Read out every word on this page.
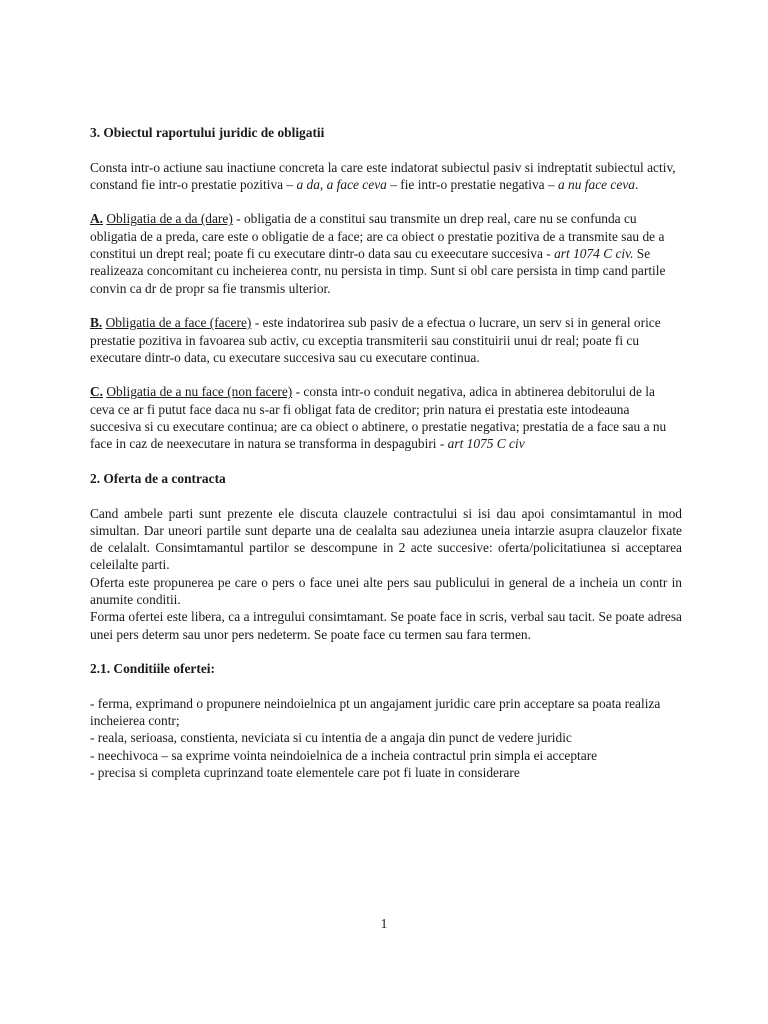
3. Obiectul raportului juridic de obligatii

Consta intr-o actiune sau inactiune concreta la care este indatorat subiectul pasiv si indreptatit subiectul activ, constand fie intr-o prestatie pozitiva – a da, a face ceva – fie intr-o prestatie negativa – a nu face ceva.

A. Obligatia de a da (dare) - obligatia de a constitui sau transmite un drep real, care nu se confunda cu obligatia de a preda, care este o obligatie de a face; are ca obiect o prestatie pozitiva de a transmite sau de a constitui un drept real; poate fi cu executare dintr-o data sau cu exeecutare succesiva - art 1074 C civ. Se realizeaza concomitant cu incheierea contr, nu persista in timp. Sunt si obl care persista in timp cand partile convin ca dr de propr sa fie transmis ulterior.

B. Obligatia de a face (facere) - este indatorirea sub pasiv de a efectua o lucrare, un serv si in general orice prestatie pozitiva in favoarea sub activ, cu exceptia transmiterii sau constituirii unui dr real; poate fi cu executare dintr-o data, cu executare succesiva sau cu executare continua.

C. Obligatia de a nu face (non facere) - consta intr-o conduit negativa, adica in abtinerea debitorului de la ceva ce ar fi putut face daca nu s-ar fi obligat fata de creditor; prin natura ei prestatia este intodeauna succesiva si cu executare continua; are ca obiect o abtinere, o prestatie negativa; prestatia de a face sau a nu face in caz de neexecutare in natura se transforma in despagubiri - art 1075 C civ

2. Oferta de a contracta

Cand ambele parti sunt prezente ele discuta clauzele contractului si isi dau apoi consimtamantul in mod simultan. Dar uneori partile sunt departe una de cealalta sau adeziunea uneia intarzie asupra clauzelor fixate de celalalt. Consimtamantul partilor se descompune in 2 acte succesive: oferta/policitatiunea si acceptarea celeilalte parti.

Oferta este propunerea pe care o pers o face unei alte pers sau publicului in general de a incheia un contr in anumite conditii.

Forma ofertei este libera, ca a intregului consimtamant. Se poate face in scris, verbal sau tacit. Se poate adresa unei pers determ sau unor pers nedeterm. Se poate face cu termen sau fara termen.

2.1. Conditiile ofertei:

- ferma, exprimand o propunere neindoielnica pt un angajament juridic care prin acceptare sa poata realiza incheierea contr;

- reala, serioasa, constienta, neviciata si cu intentia de a angaja din punct de vedere juridic

- neechivoca – sa exprime vointa neindoielnica de a incheia contractul prin simpla ei acceptare

- precisa si completa cuprinzand toate elementele care pot fi luate in considerare

1
